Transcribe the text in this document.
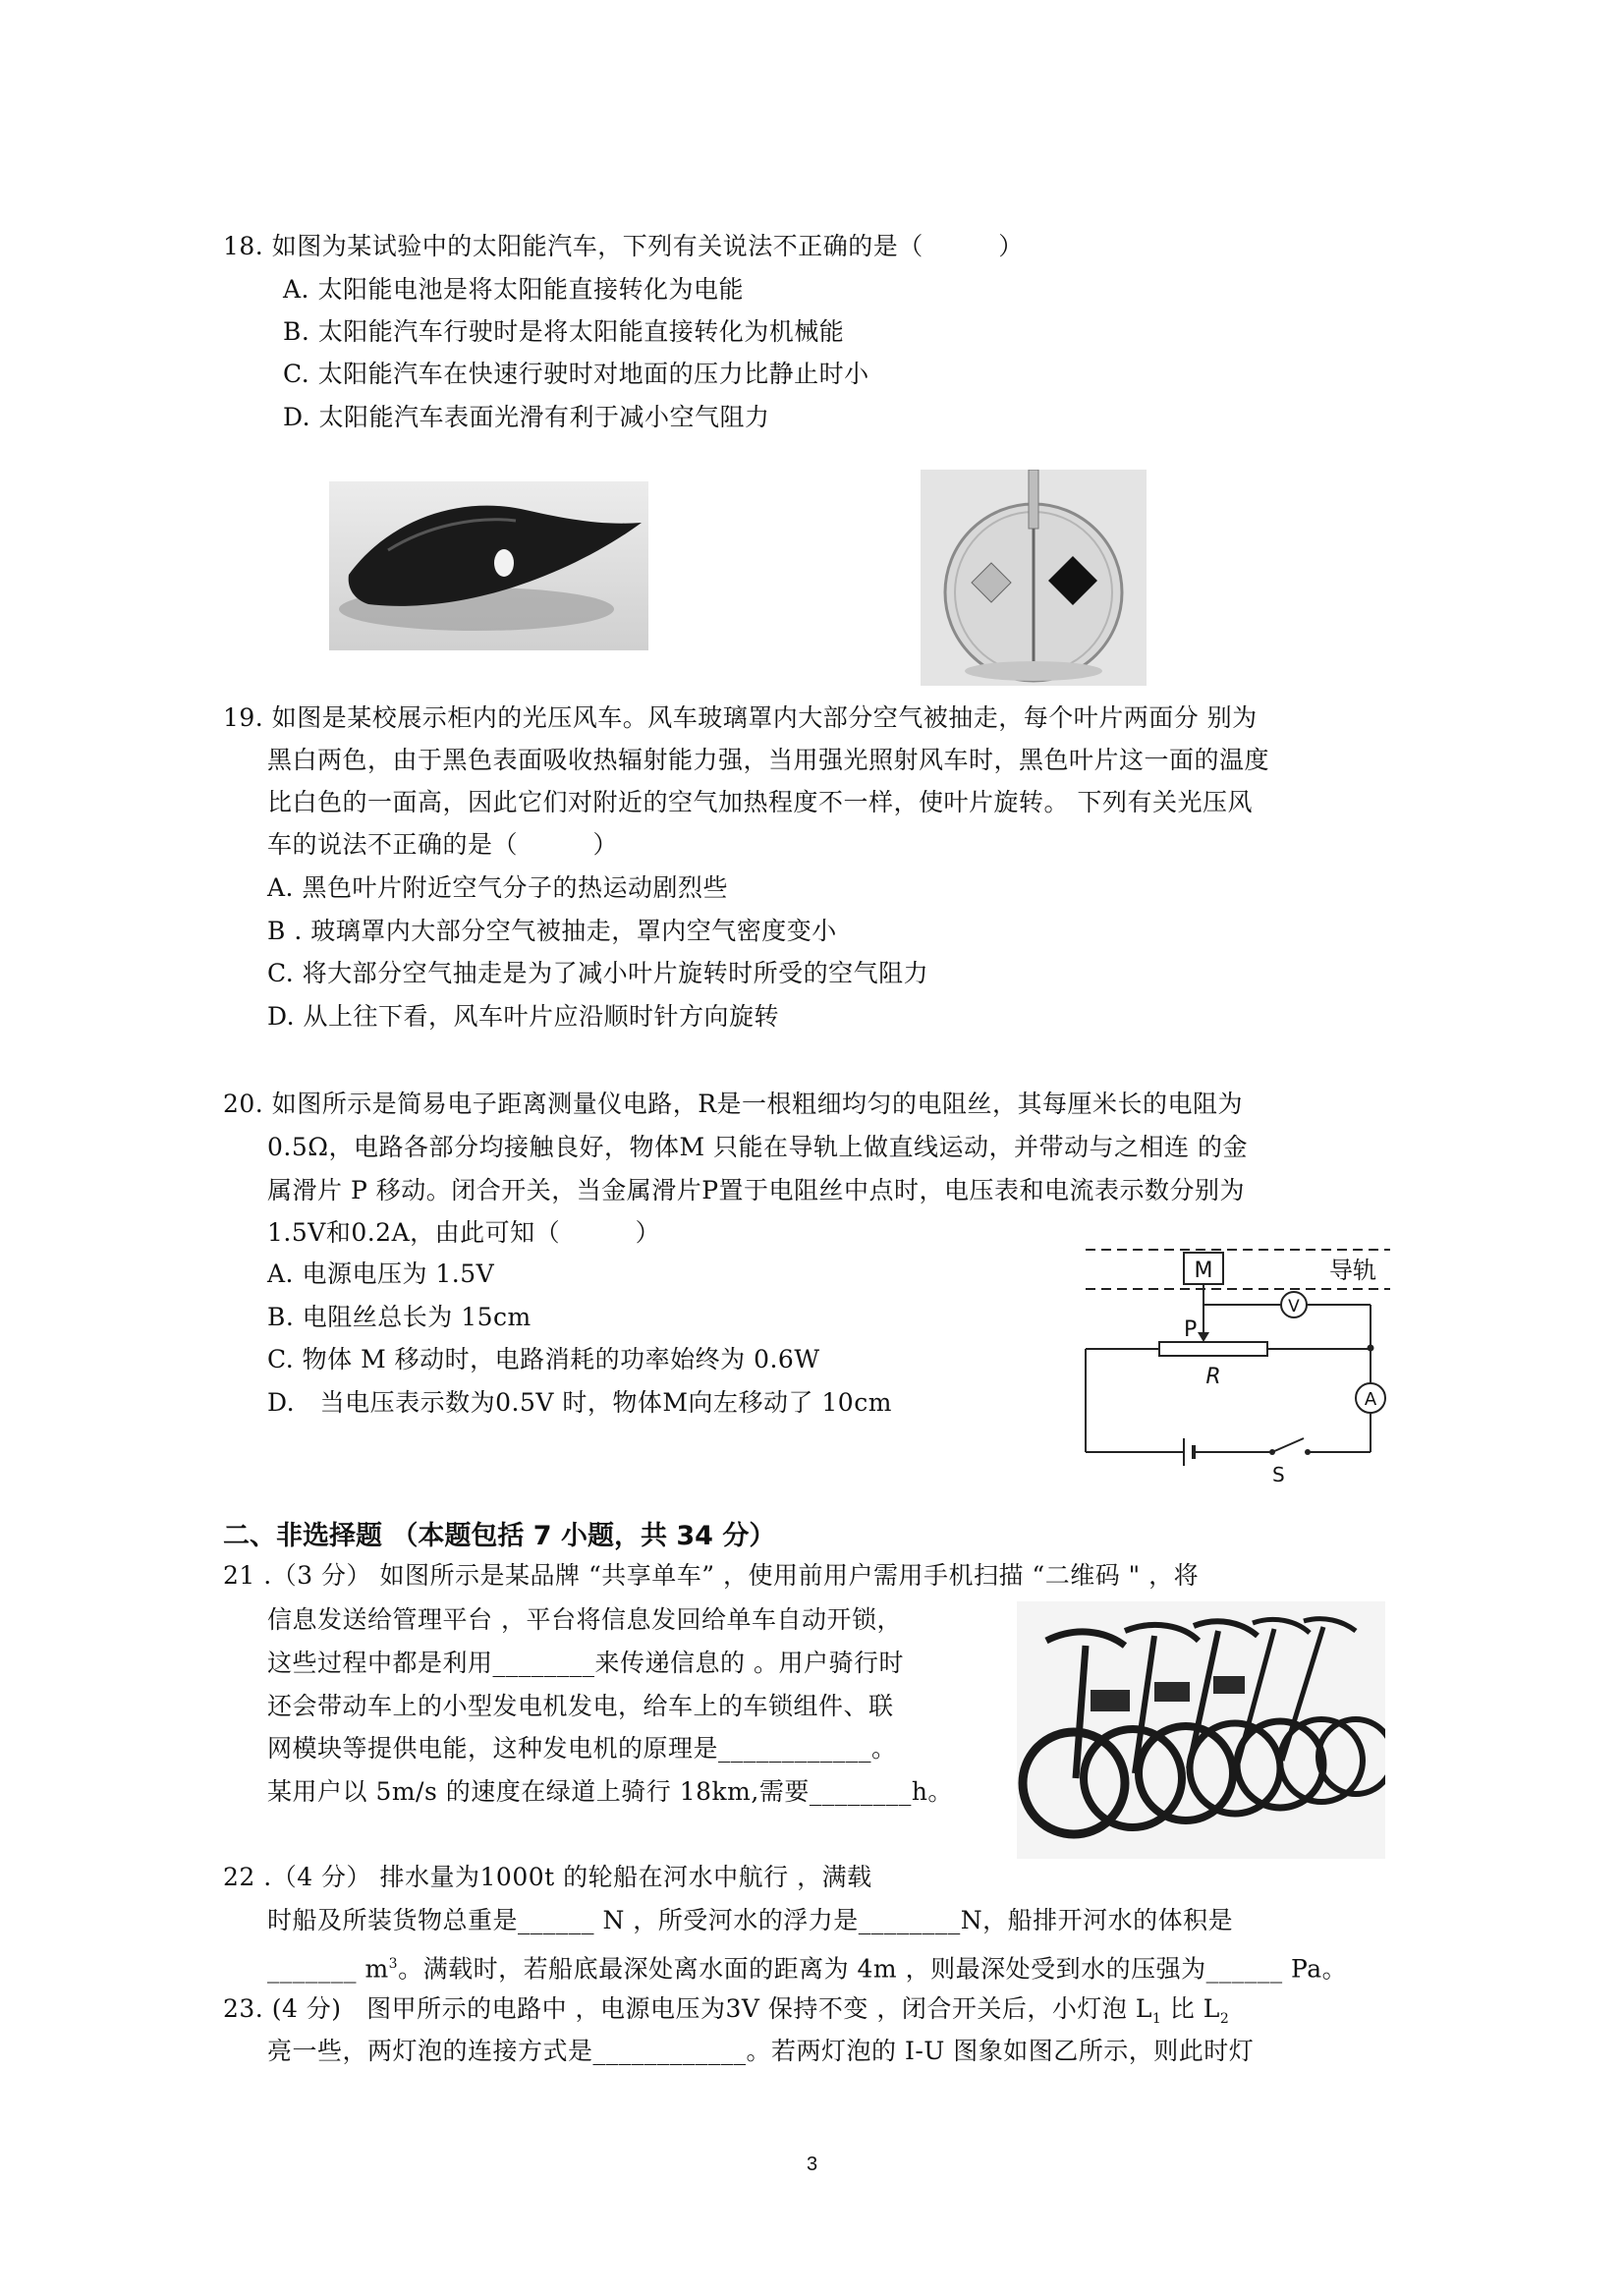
18. 如图为某试验中的太阳能汽车，下列有关说法不正确的是（　　　）
A. 太阳能电池是将太阳能直接转化为电能
B. 太阳能汽车行驶时是将太阳能直接转化为机械能
C. 太阳能汽车在快速行驶时对地面的压力比静止时小
D. 太阳能汽车表面光滑有利于减小空气阻力
19. 如图是某校展示柜内的光压风车。风车玻璃罩内大部分空气被抽走，每个叶片两面分 别为
黑白两色，由于黑色表面吸收热辐射能力强，当用强光照射风车时，黑色叶片这一面的温度
比白色的一面高，因此它们对附近的空气加热程度不一样，使叶片旋转。 下列有关光压风
车的说法不正确的是（　　　）
A. 黑色叶片附近空气分子的热运动剧烈些
B . 玻璃罩内大部分空气被抽走，罩内空气密度变小
C. 将大部分空气抽走是为了减小叶片旋转时所受的空气阻力
D. 从上往下看，风车叶片应沿顺时针方向旋转
20. 如图所示是简易电子距离测量仪电路，R是一根粗细均匀的电阻丝，其每厘米长的电阻为
0.5Ω，电路各部分均接触良好，物体M 只能在导轨上做直线运动，并带动与之相连 的金
属滑片 P 移动。闭合开关，当金属滑片P置于电阻丝中点时，电压表和电流表示数分别为
1.5V和0.2A，由此可知（　　　）
A. 电源电压为 1.5V
B. 电阻丝总长为 15cm
C. 物体 M 移动时，电路消耗的功率始终为 0.6W
D.　当电压表示数为0.5V 时，物体M向左移动了 10cm
M	导轨
V
P
R
A
S
二、非选择题 （本题包括 7 小题，共 34 分）
21 .（3 分） 如图所示是某品牌 “共享单车” ，使用前用户需用手机扫描 “二维码 " ，将
信息发送给管理平台 ，平台将信息发回给单车自动开锁，
这些过程中都是利用________来传递信息的 。用户骑行时
还会带动车上的小型发电机发电，给车上的车锁组件、联
网模块等提供电能，这种发电机的原理是____________。
某用户以 5m/s 的速度在绿道上骑行 18km,需要________h。
22 .（4 分） 排水量为1000t 的轮船在河水中航行 ，满载
时船及所装货物总重是______ N ，所受河水的浮力是________N，船排开河水的体积是
_______ $m^3$。满载时，若船底最深处离水面的距离为 4m ，则最深处受到水的压强为______ Pa。
23. (4 分)　图甲所示的电路中 ，电源电压为3V 保持不变 ，闭合开关后，小灯泡 $L_1$ 比 $L_2$
亮一些，两灯泡的连接方式是____________。若两灯泡的 I-U 图象如图乙所示，则此时灯
3
